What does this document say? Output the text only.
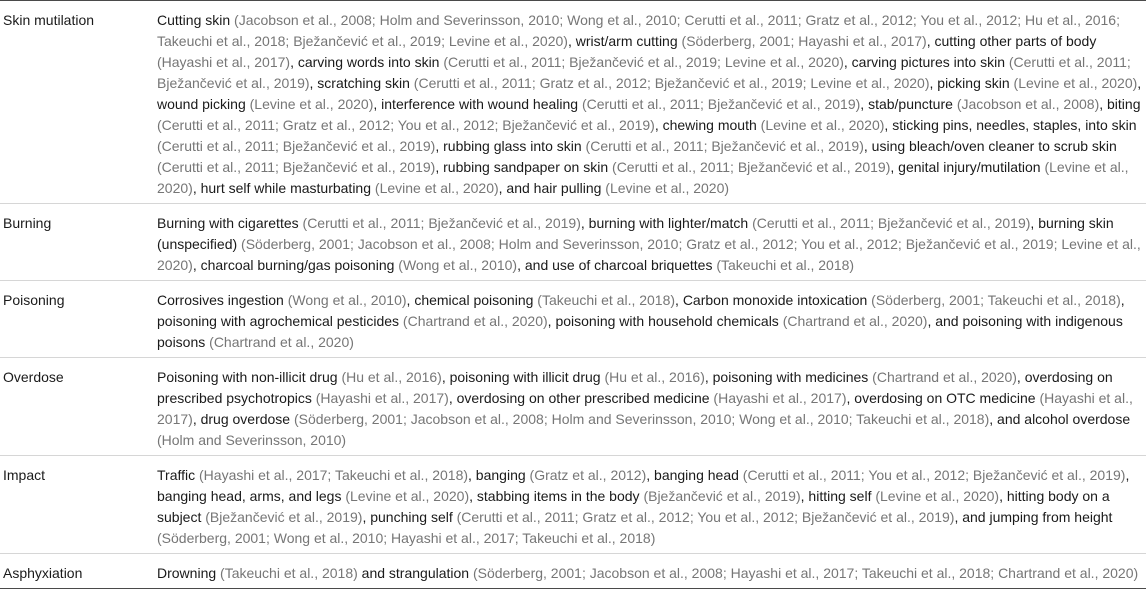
Skin mutilation	Cutting skin (Jacobson et al., 2008; Holm and Severinsson, 2010; Wong et al., 2010; Cerutti et al., 2011; Gratz et al., 2012; You et al., 2012; Hu et al., 2016; Takeuchi et al., 2018; Bježančević et al., 2019; Levine et al., 2020), wrist/arm cutting (Söderberg, 2001; Hayashi et al., 2017), cutting other parts of body (Hayashi et al., 2017), carving words into skin (Cerutti et al., 2011; Bježančević et al., 2019; Levine et al., 2020), carving pictures into skin (Cerutti et al., 2011; Bježančević et al., 2019), scratching skin (Cerutti et al., 2011; Gratz et al., 2012; Bježančević et al., 2019; Levine et al., 2020), picking skin (Levine et al., 2020), wound picking (Levine et al., 2020), interference with wound healing (Cerutti et al., 2011; Bježančević et al., 2019), stab/puncture (Jacobson et al., 2008), biting (Cerutti et al., 2011; Gratz et al., 2012; You et al., 2012; Bježančević et al., 2019), chewing mouth (Levine et al., 2020), sticking pins, needles, staples, into skin (Cerutti et al., 2011; Bježančević et al., 2019), rubbing glass into skin (Cerutti et al., 2011; Bježančević et al., 2019), using bleach/oven cleaner to scrub skin (Cerutti et al., 2011; Bježančević et al., 2019), rubbing sandpaper on skin (Cerutti et al., 2011; Bježančević et al., 2019), genital injury/mutilation (Levine et al., 2020), hurt self while masturbating (Levine et al., 2020), and hair pulling (Levine et al., 2020)
Burning	Burning with cigarettes (Cerutti et al., 2011; Bježančević et al., 2019), burning with lighter/match (Cerutti et al., 2011; Bježančević et al., 2019), burning skin (unspecified) (Söderberg, 2001; Jacobson et al., 2008; Holm and Severinsson, 2010; Gratz et al., 2012; You et al., 2012; Bježančević et al., 2019; Levine et al., 2020), charcoal burning/gas poisoning (Wong et al., 2010), and use of charcoal briquettes (Takeuchi et al., 2018)
Poisoning	Corrosives ingestion (Wong et al., 2010), chemical poisoning (Takeuchi et al., 2018), Carbon monoxide intoxication (Söderberg, 2001; Takeuchi et al., 2018), poisoning with agrochemical pesticides (Chartrand et al., 2020), poisoning with household chemicals (Chartrand et al., 2020), and poisoning with indigenous poisons (Chartrand et al., 2020)
Overdose	Poisoning with non-illicit drug (Hu et al., 2016), poisoning with illicit drug (Hu et al., 2016), poisoning with medicines (Chartrand et al., 2020), overdosing on prescribed psychotropics (Hayashi et al., 2017), overdosing on other prescribed medicine (Hayashi et al., 2017), overdosing on OTC medicine (Hayashi et al., 2017), drug overdose (Söderberg, 2001; Jacobson et al., 2008; Holm and Severinsson, 2010; Wong et al., 2010; Takeuchi et al., 2018), and alcohol overdose (Holm and Severinsson, 2010)
Impact	Traffic (Hayashi et al., 2017; Takeuchi et al., 2018), banging (Gratz et al., 2012), banging head (Cerutti et al., 2011; You et al., 2012; Bježančević et al., 2019), banging head, arms, and legs (Levine et al., 2020), stabbing items in the body (Bježančević et al., 2019), hitting self (Levine et al., 2020), hitting body on a subject (Bježančević et al., 2019), punching self (Cerutti et al., 2011; Gratz et al., 2012; You et al., 2012; Bježančević et al., 2019), and jumping from height (Söderberg, 2001; Wong et al., 2010; Hayashi et al., 2017; Takeuchi et al., 2018)
Asphyxiation	Drowning (Takeuchi et al., 2018) and strangulation (Söderberg, 2001; Jacobson et al., 2008; Hayashi et al., 2017; Takeuchi et al., 2018; Chartrand et al., 2020)
